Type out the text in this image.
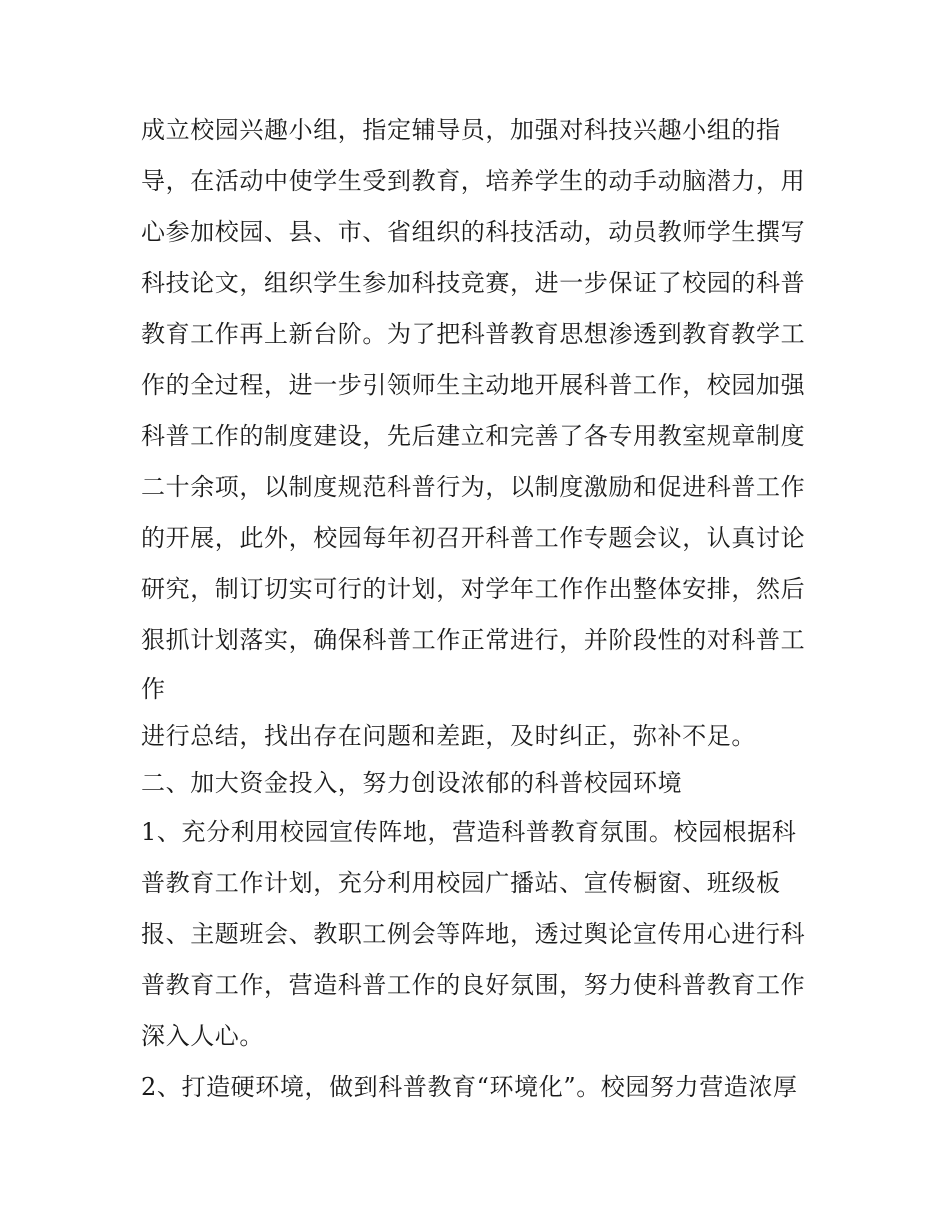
成立校园兴趣小组，指定辅导员，加强对科技兴趣小组的指
导，在活动中使学生受到教育，培养学生的动手动脑潜力，用
心参加校园、县、市、省组织的科技活动，动员教师学生撰写
科技论文，组织学生参加科技竞赛，进一步保证了校园的科普
教育工作再上新台阶。为了把科普教育思想渗透到教育教学工
作的全过程，进一步引领师生主动地开展科普工作，校园加强
科普工作的制度建设，先后建立和完善了各专用教室规章制度
二十余项，以制度规范科普行为，以制度激励和促进科普工作
的开展，此外，校园每年初召开科普工作专题会议，认真讨论
研究，制订切实可行的计划，对学年工作作出整体安排，然后
狠抓计划落实，确保科普工作正常进行，并阶段性的对科普工
作
进行总结，找出存在问题和差距，及时纠正，弥补不足。
二、加大资金投入，努力创设浓郁的科普校园环境
1、充分利用校园宣传阵地，营造科普教育氛围。校园根据科
普教育工作计划，充分利用校园广播站、宣传橱窗、班级板
报、主题班会、教职工例会等阵地，透过舆论宣传用心进行科
普教育工作，营造科普工作的良好氛围，努力使科普教育工作
深入人心。
2、打造硬环境，做到科普教育“环境化”。校园努力营造浓厚
